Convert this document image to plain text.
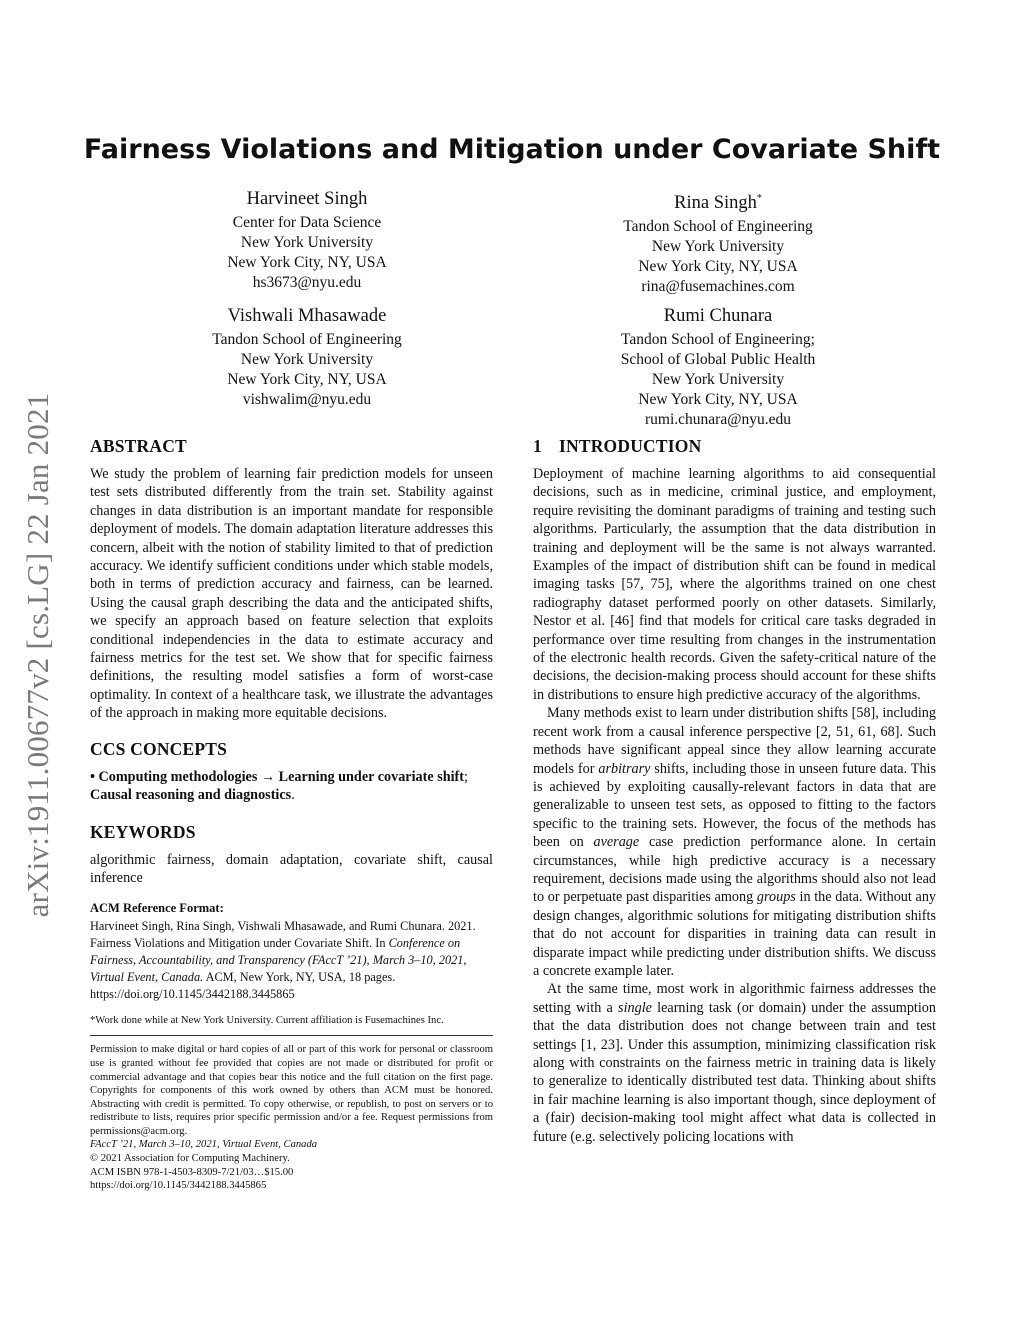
arXiv:1911.00677v2 [cs.LG] 22 Jan 2021
Fairness Violations and Mitigation under Covariate Shift
Harvineet Singh
Center for Data Science
New York University
New York City, NY, USA
hs3673@nyu.edu
Rina Singh*
Tandon School of Engineering
New York University
New York City, NY, USA
rina@fusemachines.com
Vishwali Mhasawade
Tandon School of Engineering
New York University
New York City, NY, USA
vishwalim@nyu.edu
Rumi Chunara
Tandon School of Engineering;
School of Global Public Health
New York University
New York City, NY, USA
rumi.chunara@nyu.edu
ABSTRACT

We study the problem of learning fair prediction models for unseen test sets distributed differently from the train set. Stability against changes in data distribution is an important mandate for responsible deployment of models. The domain adaptation literature addresses this concern, albeit with the notion of stability limited to that of prediction accuracy. We identify sufficient conditions under which stable models, both in terms of prediction accuracy and fairness, can be learned. Using the causal graph describing the data and the anticipated shifts, we specify an approach based on feature selection that exploits conditional independencies in the data to estimate accuracy and fairness metrics for the test set. We show that for specific fairness definitions, the resulting model satisfies a form of worst-case optimality. In context of a healthcare task, we illustrate the advantages of the approach in making more equitable decisions.

CCS CONCEPTS

• Computing methodologies → Learning under covariate shift; Causal reasoning and diagnostics.

KEYWORDS

algorithmic fairness, domain adaptation, covariate shift, causal inference

ACM Reference Format:

Harvineet Singh, Rina Singh, Vishwali Mhasawade, and Rumi Chunara. 2021. Fairness Violations and Mitigation under Covariate Shift. In Conference on Fairness, Accountability, and Transparency (FAccT ’21), March 3–10, 2021, Virtual Event, Canada. ACM, New York, NY, USA, 18 pages. https://doi.org/10.1145/3442188.3445865

*Work done while at New York University. Current affiliation is Fusemachines Inc.

Permission to make digital or hard copies of all or part of this work for personal or classroom use is granted without fee provided that copies are not made or distributed for profit or commercial advantage and that copies bear this notice and the full citation on the first page. Copyrights for components of this work owned by others than ACM must be honored. Abstracting with credit is permitted. To copy otherwise, or republish, to post on servers or to redistribute to lists, requires prior specific permission and/or a fee. Request permissions from permissions@acm.org.

FAccT ’21, March 3–10, 2021, Virtual Event, Canada

© 2021 Association for Computing Machinery.

ACM ISBN 978-1-4503-8309-7/21/03…$15.00

https://doi.org/10.1145/3442188.3445865

1 INTRODUCTION

Deployment of machine learning algorithms to aid consequential decisions, such as in medicine, criminal justice, and employment, require revisiting the dominant paradigms of training and testing such algorithms. Particularly, the assumption that the data distribution in training and deployment will be the same is not always warranted. Examples of the impact of distribution shift can be found in medical imaging tasks [57, 75], where the algorithms trained on one chest radiography dataset performed poorly on other datasets. Similarly, Nestor et al. [46] find that models for critical care tasks degraded in performance over time resulting from changes in the instrumentation of the electronic health records. Given the safety-critical nature of the decisions, the decision-making process should account for these shifts in distributions to ensure high predictive accuracy of the algorithms.

Many methods exist to learn under distribution shifts [58], including recent work from a causal inference perspective [2, 51, 61, 68]. Such methods have significant appeal since they allow learning accurate models for arbitrary shifts, including those in unseen future data. This is achieved by exploiting causally-relevant factors in data that are generalizable to unseen test sets, as opposed to fitting to the factors specific to the training sets. However, the focus of the methods has been on average case prediction performance alone. In certain circumstances, while high predictive accuracy is a necessary requirement, decisions made using the algorithms should also not lead to or perpetuate past disparities among groups in the data. Without any design changes, algorithmic solutions for mitigating distribution shifts that do not account for disparities in training data can result in disparate impact while predicting under distribution shifts. We discuss a concrete example later.

At the same time, most work in algorithmic fairness addresses the setting with a single learning task (or domain) under the assumption that the data distribution does not change between train and test settings [1, 23]. Under this assumption, minimizing classification risk along with constraints on the fairness metric in training data is likely to generalize to identically distributed test data. Thinking about shifts in fair machine learning is also important though, since deployment of a (fair) decision-making tool might affect what data is collected in future (e.g. selectively policing locations with
